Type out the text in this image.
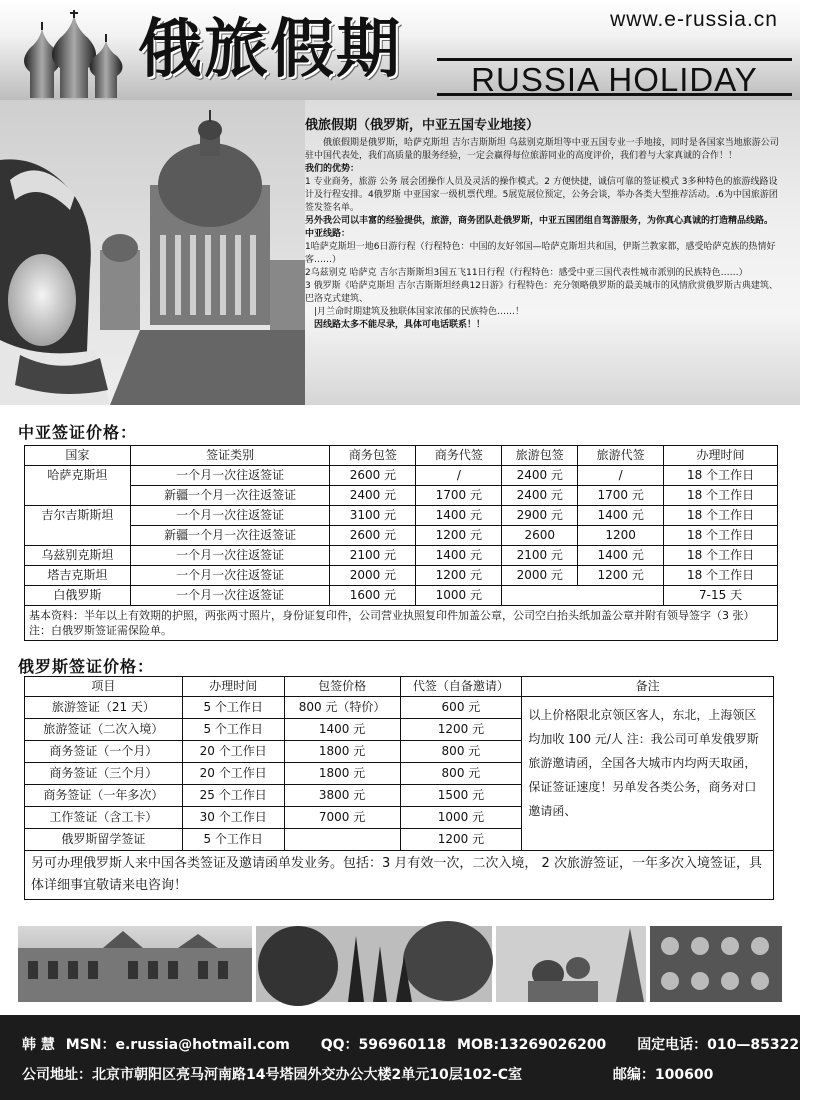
俄旅假期	www.e-russia.cn
RUSSIA HOLIDAY
俄旅假期（俄罗斯，中亚五国专业地接）

俄旅假期是俄罗斯，哈萨克斯坦 吉尔吉斯斯坦 乌兹别克斯坦等中亚五国专业一手地接，同时是各国家当地旅游公司驻中国代表处，我们高质量的服务经验，一定会赢得每位旅游同业的高度评价，我们着与大家真诚的合作！！

我们的优势：

1 专业商务，旅游 公务 展会团操作人员及灵活的操作模式。2 方便快捷，诚信可靠的签证模式 3多种特色的旅游线路设计及行程安排。4俄罗斯 中亚国家一级机票代理。5展览展位预定，公务会谈，举办各类大型推荐活动。.6为中国旅游团签发签名单。

另外我公司以丰富的经验提供，旅游，商务团队赴俄罗斯，中亚五国团组自驾游服务，为你真心真诚的打造精品线路。

中亚线路：

1哈萨克斯坦一地6日游行程（行程特色：中国的友好邻国—哈萨克斯坦共和国，伊斯兰教家都，感受哈萨克族的热情好客……）

2乌兹别克 哈萨克 吉尔吉斯斯坦3国五飞11日行程（行程特色：感受中亚三国代表性城市派别的民族特色……）

3 俄罗斯《哈萨克斯坦 吉尔吉斯斯坦经典12日游》行程特色：充分领略俄罗斯的最美城市的风情欣赏俄罗斯古典建筑、巴洛克式建筑、

|月兰命时期建筑及独联体国家浓郁的民族特色……！

因线路太多不能尽录，具体可电话联系！！

中亚签证价格：
国家	签证类别	商务包签	商务代签	旅游包签	旅游代签	办理时间
哈萨克斯坦	一个月一次往返签证	2600 元	/	2400 元	/	18 个工作日
	新疆一个月一次往返签证	2400 元	1700 元	2400 元	1700 元	18 个工作日
吉尔吉斯斯坦	一个月一次往返签证	3100 元	1400 元	2900 元	1400 元	18 个工作日
	新疆一个月一次往返签证	2600 元	1200 元	2600	1200	18 个工作日
乌兹别克斯坦	一个月一次往返签证	2100 元	1400 元	2100 元	1400 元	18 个工作日
塔吉克斯坦	一个月一次往返签证	2000 元	1200 元	2000 元	1200 元	18 个工作日
白俄罗斯	一个月一次往返签证	1600 元	1000 元			7-15 天
基本资料：半年以上有效期的护照，两张两寸照片，身份证复印件，公司营业执照复印件加盖公章，公司空白抬头纸加盖公章并附有领导签字（3 张）注：白俄罗斯签证需保险单。						
俄罗斯签证价格：
项目	办理时间	包签价格	代签（自备邀请）	备注
旅游签证（21 天）	5 个工作日	800 元（特价）	600 元	以上价格限北京领区客人，东北，上海领区均加收 100 元/人 注：我公司可单发俄罗斯旅游邀请函，全国各大城市内均两天取函，保证签证速度！另单发各类公务，商务对口邀请函、
旅游签证（二次入境）	5 个工作日	1400 元	1200 元	
商务签证（一个月）	20 个工作日	1800 元	800 元	
商务签证（三个月）	20 个工作日	1800 元	800 元	
商务签证（一年多次）	25 个工作日	3800 元	1500 元	
工作签证（含工卡）	30 个工作日	7000 元	1000 元	
俄罗斯留学签证	5 个工作日		1200 元	
另可办理俄罗斯人来中国各类签证及邀请函单发业务。包括：3 月有效一次，二次入境， 2 次旅游签证，一年多次入境签证，具体详细事宜敬请来电咨询！				
韩 慧 MSN：e.russia@hotmail.com QQ：596960118 MOB:13269026200 固定电话：010—85322923
公司地址：北京市朝阳区亮马河南路14号塔园外交办公大楼2单元10层102-C室	邮编：100600
